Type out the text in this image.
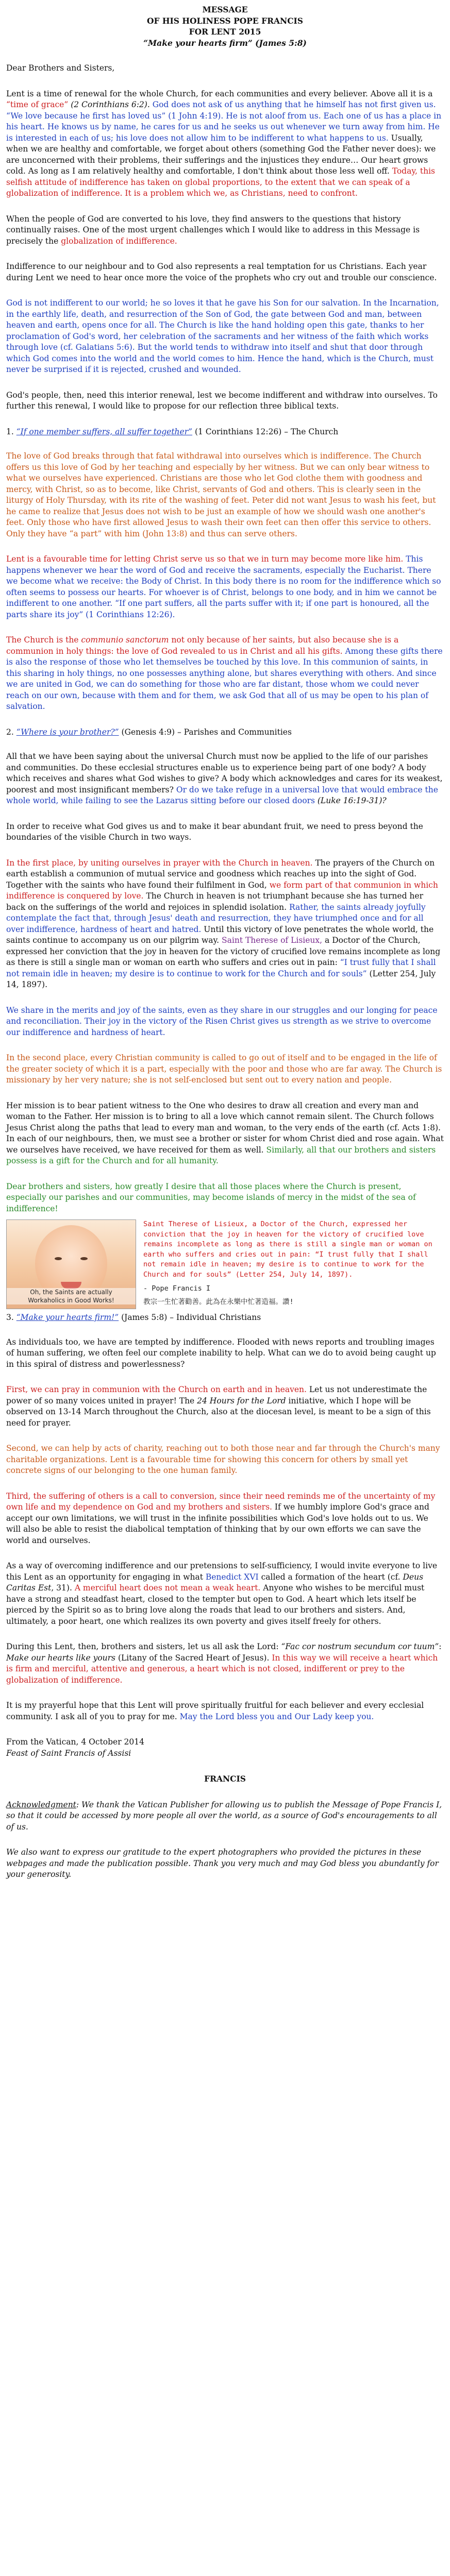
MESSAGE

OF HIS HOLINESS POPE FRANCIS

FOR LENT 2015

“Make your hearts firm” (James 5:8)

Dear Brothers and Sisters,

Lent is a time of renewal for the whole Church, for each communities and every believer. Above all it is a “time of grace” (2 Corinthians 6:2). God does not ask of us anything that he himself has not first given us. “We love because he first has loved us” (1 John 4:19). He is not aloof from us. Each one of us has a place in his heart. He knows us by name, he cares for us and he seeks us out whenever we turn away from him. He is interested in each of us; his love does not allow him to be indifferent to what happens to us. Usually, when we are healthy and comfortable, we forget about others (something God the Father never does): we are unconcerned with their problems, their sufferings and the injustices they endure… Our heart grows cold. As long as I am relatively healthy and comfortable, I don't think about those less well off. Today, this selfish attitude of indifference has taken on global proportions, to the extent that we can speak of a globalization of indifference. It is a problem which we, as Christians, need to confront.

When the people of God are converted to his love, they find answers to the questions that history continually raises. One of the most urgent challenges which I would like to address in this Message is precisely the globalization of indifference.

Indifference to our neighbour and to God also represents a real temptation for us Christians. Each year during Lent we need to hear once more the voice of the prophets who cry out and trouble our conscience.

God is not indifferent to our world; he so loves it that he gave his Son for our salvation. In the Incarnation, in the earthly life, death, and resurrection of the Son of God, the gate between God and man, between heaven and earth, opens once for all. The Church is like the hand holding open this gate, thanks to her proclamation of God's word, her celebration of the sacraments and her witness of the faith which works through love (cf. Galatians 5:6). But the world tends to withdraw into itself and shut that door through which God comes into the world and the world comes to him. Hence the hand, which is the Church, must never be surprised if it is rejected, crushed and wounded.

God's people, then, need this interior renewal, lest we become indifferent and withdraw into ourselves. To further this renewal, I would like to propose for our reflection three biblical texts.

1. “If one member suffers, all suffer together” (1 Corinthians 12:26) – The Church

The love of God breaks through that fatal withdrawal into ourselves which is indifference. The Church offers us this love of God by her teaching and especially by her witness. But we can only bear witness to what we ourselves have experienced. Christians are those who let God clothe them with goodness and mercy, with Christ, so as to become, like Christ, servants of God and others. This is clearly seen in the liturgy of Holy Thursday, with its rite of the washing of feet. Peter did not want Jesus to wash his feet, but he came to realize that Jesus does not wish to be just an example of how we should wash one another's feet. Only those who have first allowed Jesus to wash their own feet can then offer this service to others. Only they have “a part” with him (John 13:8) and thus can serve others.

Lent is a favourable time for letting Christ serve us so that we in turn may become more like him. This happens whenever we hear the word of God and receive the sacraments, especially the Eucharist. There we become what we receive: the Body of Christ. In this body there is no room for the indifference which so often seems to possess our hearts. For whoever is of Christ, belongs to one body, and in him we cannot be indifferent to one another. “If one part suffers, all the parts suffer with it; if one part is honoured, all the parts share its joy” (1 Corinthians 12:26).

The Church is the communio sanctorum not only because of her saints, but also because she is a communion in holy things: the love of God revealed to us in Christ and all his gifts. Among these gifts there is also the response of those who let themselves be touched by this love. In this communion of saints, in this sharing in holy things, no one possesses anything alone, but shares everything with others. And since we are united in God, we can do something for those who are far distant, those whom we could never reach on our own, because with them and for them, we ask God that all of us may be open to his plan of salvation.

2. “Where is your brother?” (Genesis 4:9) – Parishes and Communities

All that we have been saying about the universal Church must now be applied to the life of our parishes and communities. Do these ecclesial structures enable us to experience being part of one body? A body which receives and shares what God wishes to give? A body which acknowledges and cares for its weakest, poorest and most insignificant members? Or do we take refuge in a universal love that would embrace the whole world, while failing to see the Lazarus sitting before our closed doors (Luke 16:19-31)?

In order to receive what God gives us and to make it bear abundant fruit, we need to press beyond the boundaries of the visible Church in two ways.

In the first place, by uniting ourselves in prayer with the Church in heaven. The prayers of the Church on earth establish a communion of mutual service and goodness which reaches up into the sight of God. Together with the saints who have found their fulfilment in God, we form part of that communion in which indifference is conquered by love. The Church in heaven is not triumphant because she has turned her back on the sufferings of the world and rejoices in splendid isolation. Rather, the saints already joyfully contemplate the fact that, through Jesus' death and resurrection, they have triumphed once and for all over indifference, hardness of heart and hatred. Until this victory of love penetrates the whole world, the saints continue to accompany us on our pilgrim way. Saint Therese of Lisieux, a Doctor of the Church, expressed her conviction that the joy in heaven for the victory of crucified love remains incomplete as long as there is still a single man or woman on earth who suffers and cries out in pain: “I trust fully that I shall not remain idle in heaven; my desire is to continue to work for the Church and for souls” (Letter 254, July 14, 1897).

We share in the merits and joy of the saints, even as they share in our struggles and our longing for peace and reconciliation. Their joy in the victory of the Risen Christ gives us strength as we strive to overcome our indifference and hardness of heart.

In the second place, every Christian community is called to go out of itself and to be engaged in the life of the greater society of which it is a part, especially with the poor and those who are far away. The Church is missionary by her very nature; she is not self-enclosed but sent out to every nation and people.

Her mission is to bear patient witness to the One who desires to draw all creation and every man and woman to the Father. Her mission is to bring to all a love which cannot remain silent. The Church follows Jesus Christ along the paths that lead to every man and woman, to the very ends of the earth (cf. Acts 1:8). In each of our neighbours, then, we must see a brother or sister for whom Christ died and rose again. What we ourselves have received, we have received for them as well. Similarly, all that our brothers and sisters possess is a gift for the Church and for all humanity.

Dear brothers and sisters, how greatly I desire that all those places where the Church is present, especially our parishes and our communities, may become islands of mercy in the midst of the sea of indifference!

Oh, the Saints are actually
Workaholics in Good Works!
Saint Therese of Lisieux, a Doctor of the Church, expressed her conviction that the joy in heaven for the victory of crucified love remains incomplete as long as there is still a single man or woman on earth who suffers and cries out in pain: “I trust fully that I shall not remain idle in heaven; my desire is to continue to work for the Church and for souls” (Letter 254, July 14, 1897).
- Pope Francis I
教宗一生忙著勸善。此為在永樂中忙著造福。讚!

3. “Make your hearts firm!” (James 5:8) – Individual Christians

As individuals too, we have are tempted by indifference. Flooded with news reports and troubling images of human suffering, we often feel our complete inability to help. What can we do to avoid being caught up in this spiral of distress and powerlessness?

First, we can pray in communion with the Church on earth and in heaven. Let us not underestimate the power of so many voices united in prayer! The 24 Hours for the Lord initiative, which I hope will be observed on 13-14 March throughout the Church, also at the diocesan level, is meant to be a sign of this need for prayer.

Second, we can help by acts of charity, reaching out to both those near and far through the Church's many charitable organizations. Lent is a favourable time for showing this concern for others by small yet concrete signs of our belonging to the one human family.

Third, the suffering of others is a call to conversion, since their need reminds me of the uncertainty of my own life and my dependence on God and my brothers and sisters. If we humbly implore God's grace and accept our own limitations, we will trust in the infinite possibilities which God's love holds out to us. We will also be able to resist the diabolical temptation of thinking that by our own efforts we can save the world and ourselves.

As a way of overcoming indifference and our pretensions to self-sufficiency, I would invite everyone to live this Lent as an opportunity for engaging in what Benedict XVI called a formation of the heart (cf. Deus Caritas Est, 31). A merciful heart does not mean a weak heart. Anyone who wishes to be merciful must have a strong and steadfast heart, closed to the tempter but open to God. A heart which lets itself be pierced by the Spirit so as to bring love along the roads that lead to our brothers and sisters. And, ultimately, a poor heart, one which realizes its own poverty and gives itself freely for others.

During this Lent, then, brothers and sisters, let us all ask the Lord: “Fac cor nostrum secundum cor tuum”: Make our hearts like yours (Litany of the Sacred Heart of Jesus). In this way we will receive a heart which is firm and merciful, attentive and generous, a heart which is not closed, indifferent or prey to the globalization of indifference.

It is my prayerful hope that this Lent will prove spiritually fruitful for each believer and every ecclesial community. I ask all of you to pray for me. May the Lord bless you and Our Lady keep you.

From the Vatican, 4 October 2014
Feast of Saint Francis of Assisi

FRANCIS

Acknowledgment: We thank the Vatican Publisher for allowing us to publish the Message of Pope Francis I, so that it could be accessed by more people all over the world, as a source of God's encouragements to all of us.

We also want to express our gratitude to the expert photographers who provided the pictures in these webpages and made the publication possible. Thank you very much and may God bless you abundantly for your generosity.
